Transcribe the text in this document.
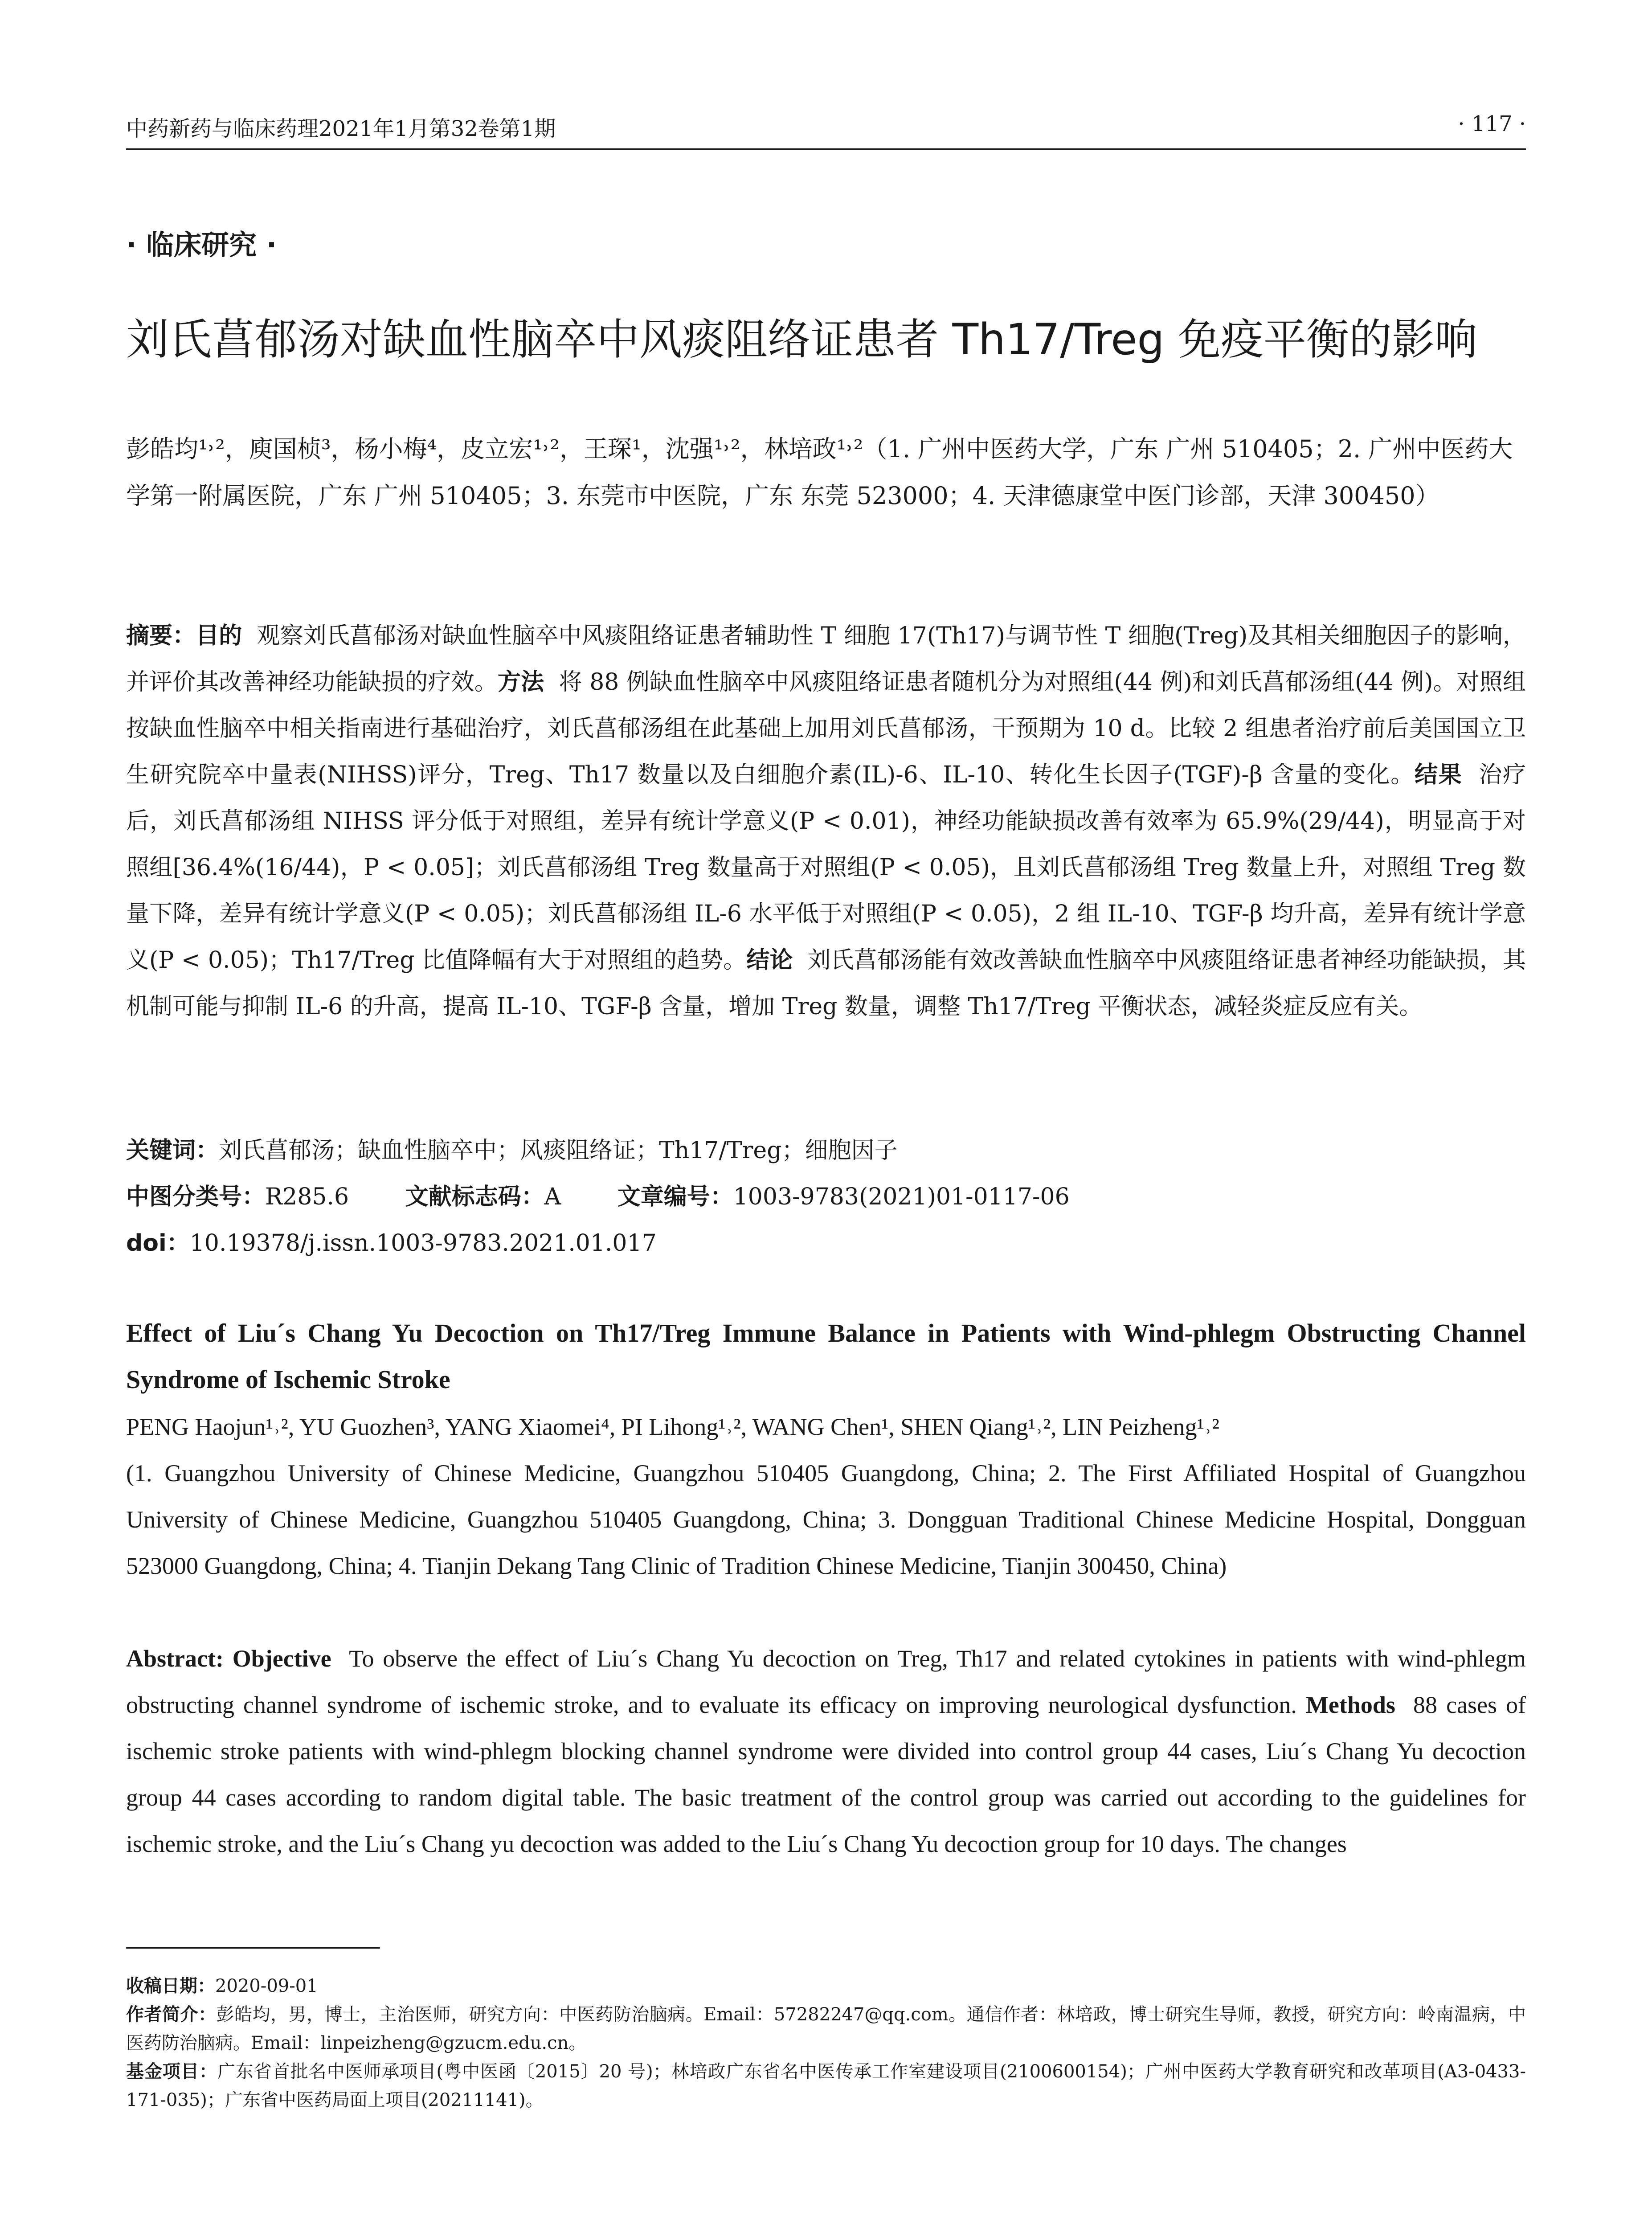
中药新药与临床药理2021年1月第32卷第1期	· 117 ·
· 临床研究 ·
刘氏菖郁汤对缺血性脑卒中风痰阻络证患者 Th17/Treg 免疫平衡的影响
彭皓均¹˒²，庾国桢³，杨小梅⁴，皮立宏¹˒²，王琛¹，沈强¹˒²，林培政¹˒²（1. 广州中医药大学，广东 广州 510405；2. 广州中医药大学第一附属医院，广东 广州 510405；3. 东莞市中医院，广东 东莞 523000；4. 天津德康堂中医门诊部，天津 300450）
摘要：目的 观察刘氏菖郁汤对缺血性脑卒中风痰阻络证患者辅助性 T 细胞 17(Th17)与调节性 T 细胞(Treg)及其相关细胞因子的影响，并评价其改善神经功能缺损的疗效。方法 将 88 例缺血性脑卒中风痰阻络证患者随机分为对照组(44 例)和刘氏菖郁汤组(44 例)。对照组按缺血性脑卒中相关指南进行基础治疗，刘氏菖郁汤组在此基础上加用刘氏菖郁汤，干预期为 10 d。比较 2 组患者治疗前后美国国立卫生研究院卒中量表(NIHSS)评分，Treg、Th17 数量以及白细胞介素(IL)-6、IL-10、转化生长因子(TGF)-β 含量的变化。结果 治疗后，刘氏菖郁汤组 NIHSS 评分低于对照组，差异有统计学意义(P < 0.01)，神经功能缺损改善有效率为 65.9%(29/44)，明显高于对照组[36.4%(16/44)，P < 0.05]；刘氏菖郁汤组 Treg 数量高于对照组(P < 0.05)，且刘氏菖郁汤组 Treg 数量上升，对照组 Treg 数量下降，差异有统计学意义(P < 0.05)；刘氏菖郁汤组 IL-6 水平低于对照组(P < 0.05)，2 组 IL-10、TGF-β 均升高，差异有统计学意义(P < 0.05)；Th17/Treg 比值降幅有大于对照组的趋势。结论 刘氏菖郁汤能有效改善缺血性脑卒中风痰阻络证患者神经功能缺损，其机制可能与抑制 IL-6 的升高，提高 IL-10、TGF-β 含量，增加 Treg 数量，调整 Th17/Treg 平衡状态，减轻炎症反应有关。
关键词：刘氏菖郁汤；缺血性脑卒中；风痰阻络证；Th17/Treg；细胞因子
中图分类号：R285.6 文献标志码：A 文章编号：1003-9783(2021)01-0117-06
doi：10.19378/j.issn.1003-9783.2021.01.017
Effect of Liu´s Chang Yu Decoction on Th17/Treg Immune Balance in Patients with Wind-phlegm Obstructing Channel Syndrome of Ischemic Stroke
PENG Haojun¹˒², YU Guozhen³, YANG Xiaomei⁴, PI Lihong¹˒², WANG Chen¹, SHEN Qiang¹˒², LIN Peizheng¹˒²
(1. Guangzhou University of Chinese Medicine, Guangzhou 510405 Guangdong, China; 2. The First Affiliated Hospital of Guangzhou University of Chinese Medicine, Guangzhou 510405 Guangdong, China; 3. Dongguan Traditional Chinese Medicine Hospital, Dongguan 523000 Guangdong, China; 4. Tianjin Dekang Tang Clinic of Tradition Chinese Medicine, Tianjin 300450, China)
Abstract: Objective To observe the effect of Liu´s Chang Yu decoction on Treg, Th17 and related cytokines in patients with wind-phlegm obstructing channel syndrome of ischemic stroke, and to evaluate its efficacy on improving neurological dysfunction. Methods 88 cases of ischemic stroke patients with wind-phlegm blocking channel syndrome were divided into control group 44 cases, Liu´s Chang Yu decoction group 44 cases according to random digital table. The basic treatment of the control group was carried out according to the guidelines for ischemic stroke, and the Liu´s Chang yu decoction was added to the Liu´s Chang Yu decoction group for 10 days. The changes

收稿日期：2020-09-01

作者简介：彭皓均，男，博士，主治医师，研究方向：中医药防治脑病。Email：57282247@qq.com。通信作者：林培政，博士研究生导师，教授，研究方向：岭南温病，中医药防治脑病。Email：linpeizheng@gzucm.edu.cn。

基金项目：广东省首批名中医师承项目(粤中医函〔2015〕20 号)；林培政广东省名中医传承工作室建设项目(2100600154)；广州中医药大学教育研究和改革项目(A3-0433-171-035)；广东省中医药局面上项目(20211141)。
